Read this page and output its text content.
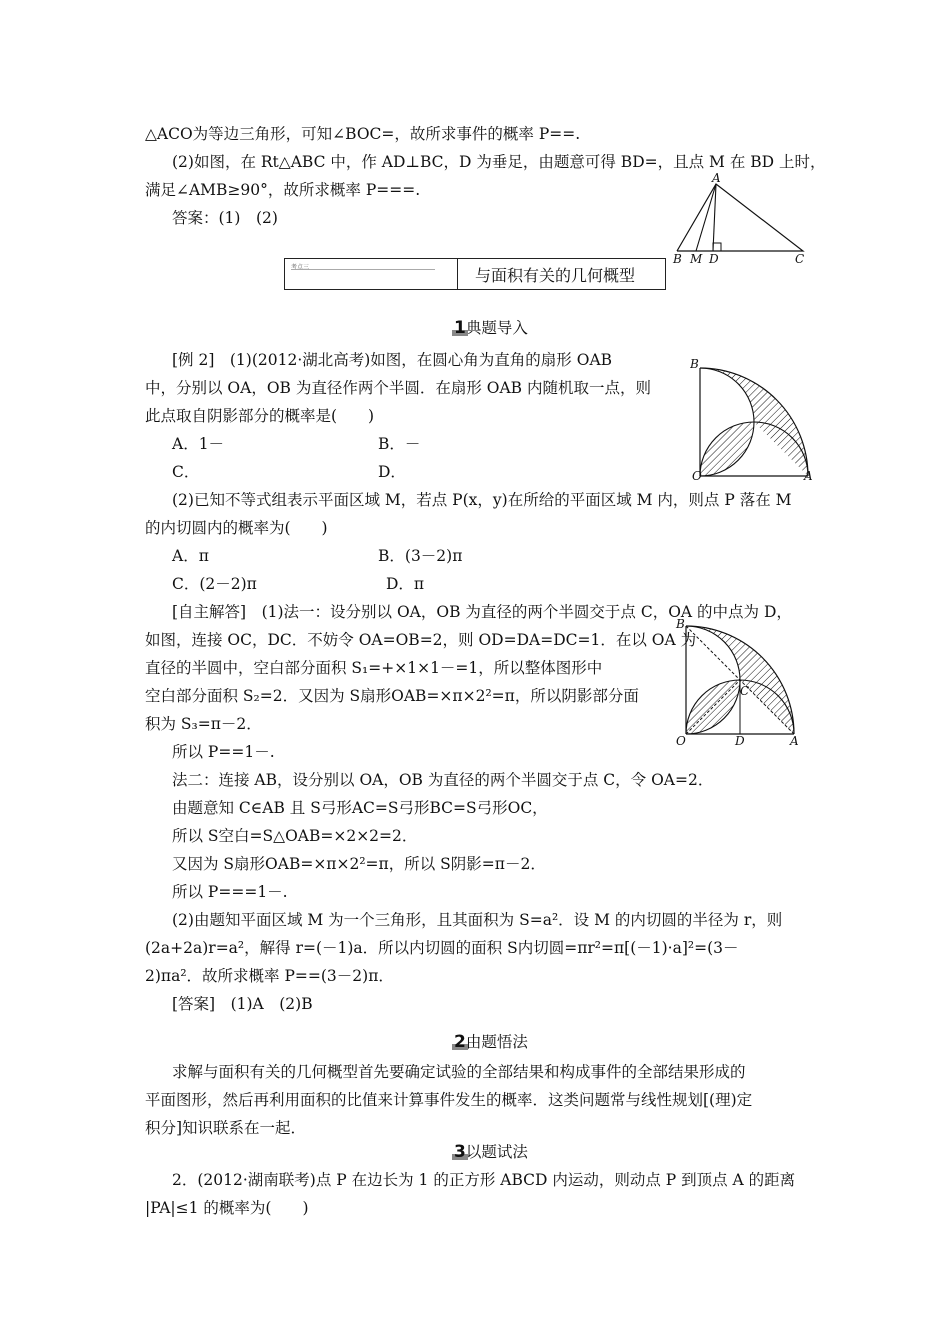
△ACO为等边三角形，可知∠BOC=，故所求事件的概率 P==.
(2)如图，在 Rt△ABC 中，作 AD⊥BC，D 为垂足，由题意可得 BD=，且点 M 在 BD 上时，
满足∠AMB≥90°，故所求概率 P===.
答案：(1)　(2)
A
B M D	C
考点三	与面积有关的几何概型
1典题导入
[例 2]　(1)(2012·湖北高考)如图，在圆心角为直角的扇形 OAB
中，分别以 OA，OB 为直径作两个半圆．在扇形 OAB 内随机取一点，则
此点取自阴影部分的概率是(　　)
A．1－	B．－
C．	D．
B
O	A
(2)已知不等式组表示平面区域 M，若点 P(x，y)在所给的平面区域 M 内，则点 P 落在 M
的内切圆内的概率为(　　)
A．π	B．(3－2)π
C．(2－2)π	D．π
[自主解答]　(1)法一：设分别以 OA，OB 为直径的两个半圆交于点 C，OA 的中点为 D，
如图，连接 OC，DC．不妨令 OA=OB=2，则 OD=DA=DC=1．在以 OA 为
直径的半圆中，空白部分面积 S₁=+×1×1－=1，所以整体图形中
空白部分面积 S₂=2．又因为 S扇形OAB=×π×2²=π，所以阴影部分面
积为 S₃=π－2．
所以 P==1－.
B
C
O	D	A
法二：连接 AB，设分别以 OA，OB 为直径的两个半圆交于点 C，令 OA=2．
由题意知 C∈AB 且 S弓形AC=S弓形BC=S弓形OC，
所以 S空白=S△OAB=×2×2=2．
又因为 S扇形OAB=×π×2²=π，所以 S阴影=π－2．
所以 P===1－.
(2)由题知平面区域 M 为一个三角形，且其面积为 S=a²．设 M 的内切圆的半径为 r，则
(2a+2a)r=a²，解得 r=(－1)a．所以内切圆的面积 S内切圆=πr²=π[(－1)·a]²=(3－
2)πa²．故所求概率 P==(3－2)π．
[答案]　(1)A　(2)B
2由题悟法
求解与面积有关的几何概型首先要确定试验的全部结果和构成事件的全部结果形成的
平面图形，然后再利用面积的比值来计算事件发生的概率．这类问题常与线性规划[(理)定
积分]知识联系在一起．
3以题试法
2．(2012·湖南联考)点 P 在边长为 1 的正方形 ABCD 内运动，则动点 P 到顶点 A 的距离
|PA|≤1 的概率为(　　)
